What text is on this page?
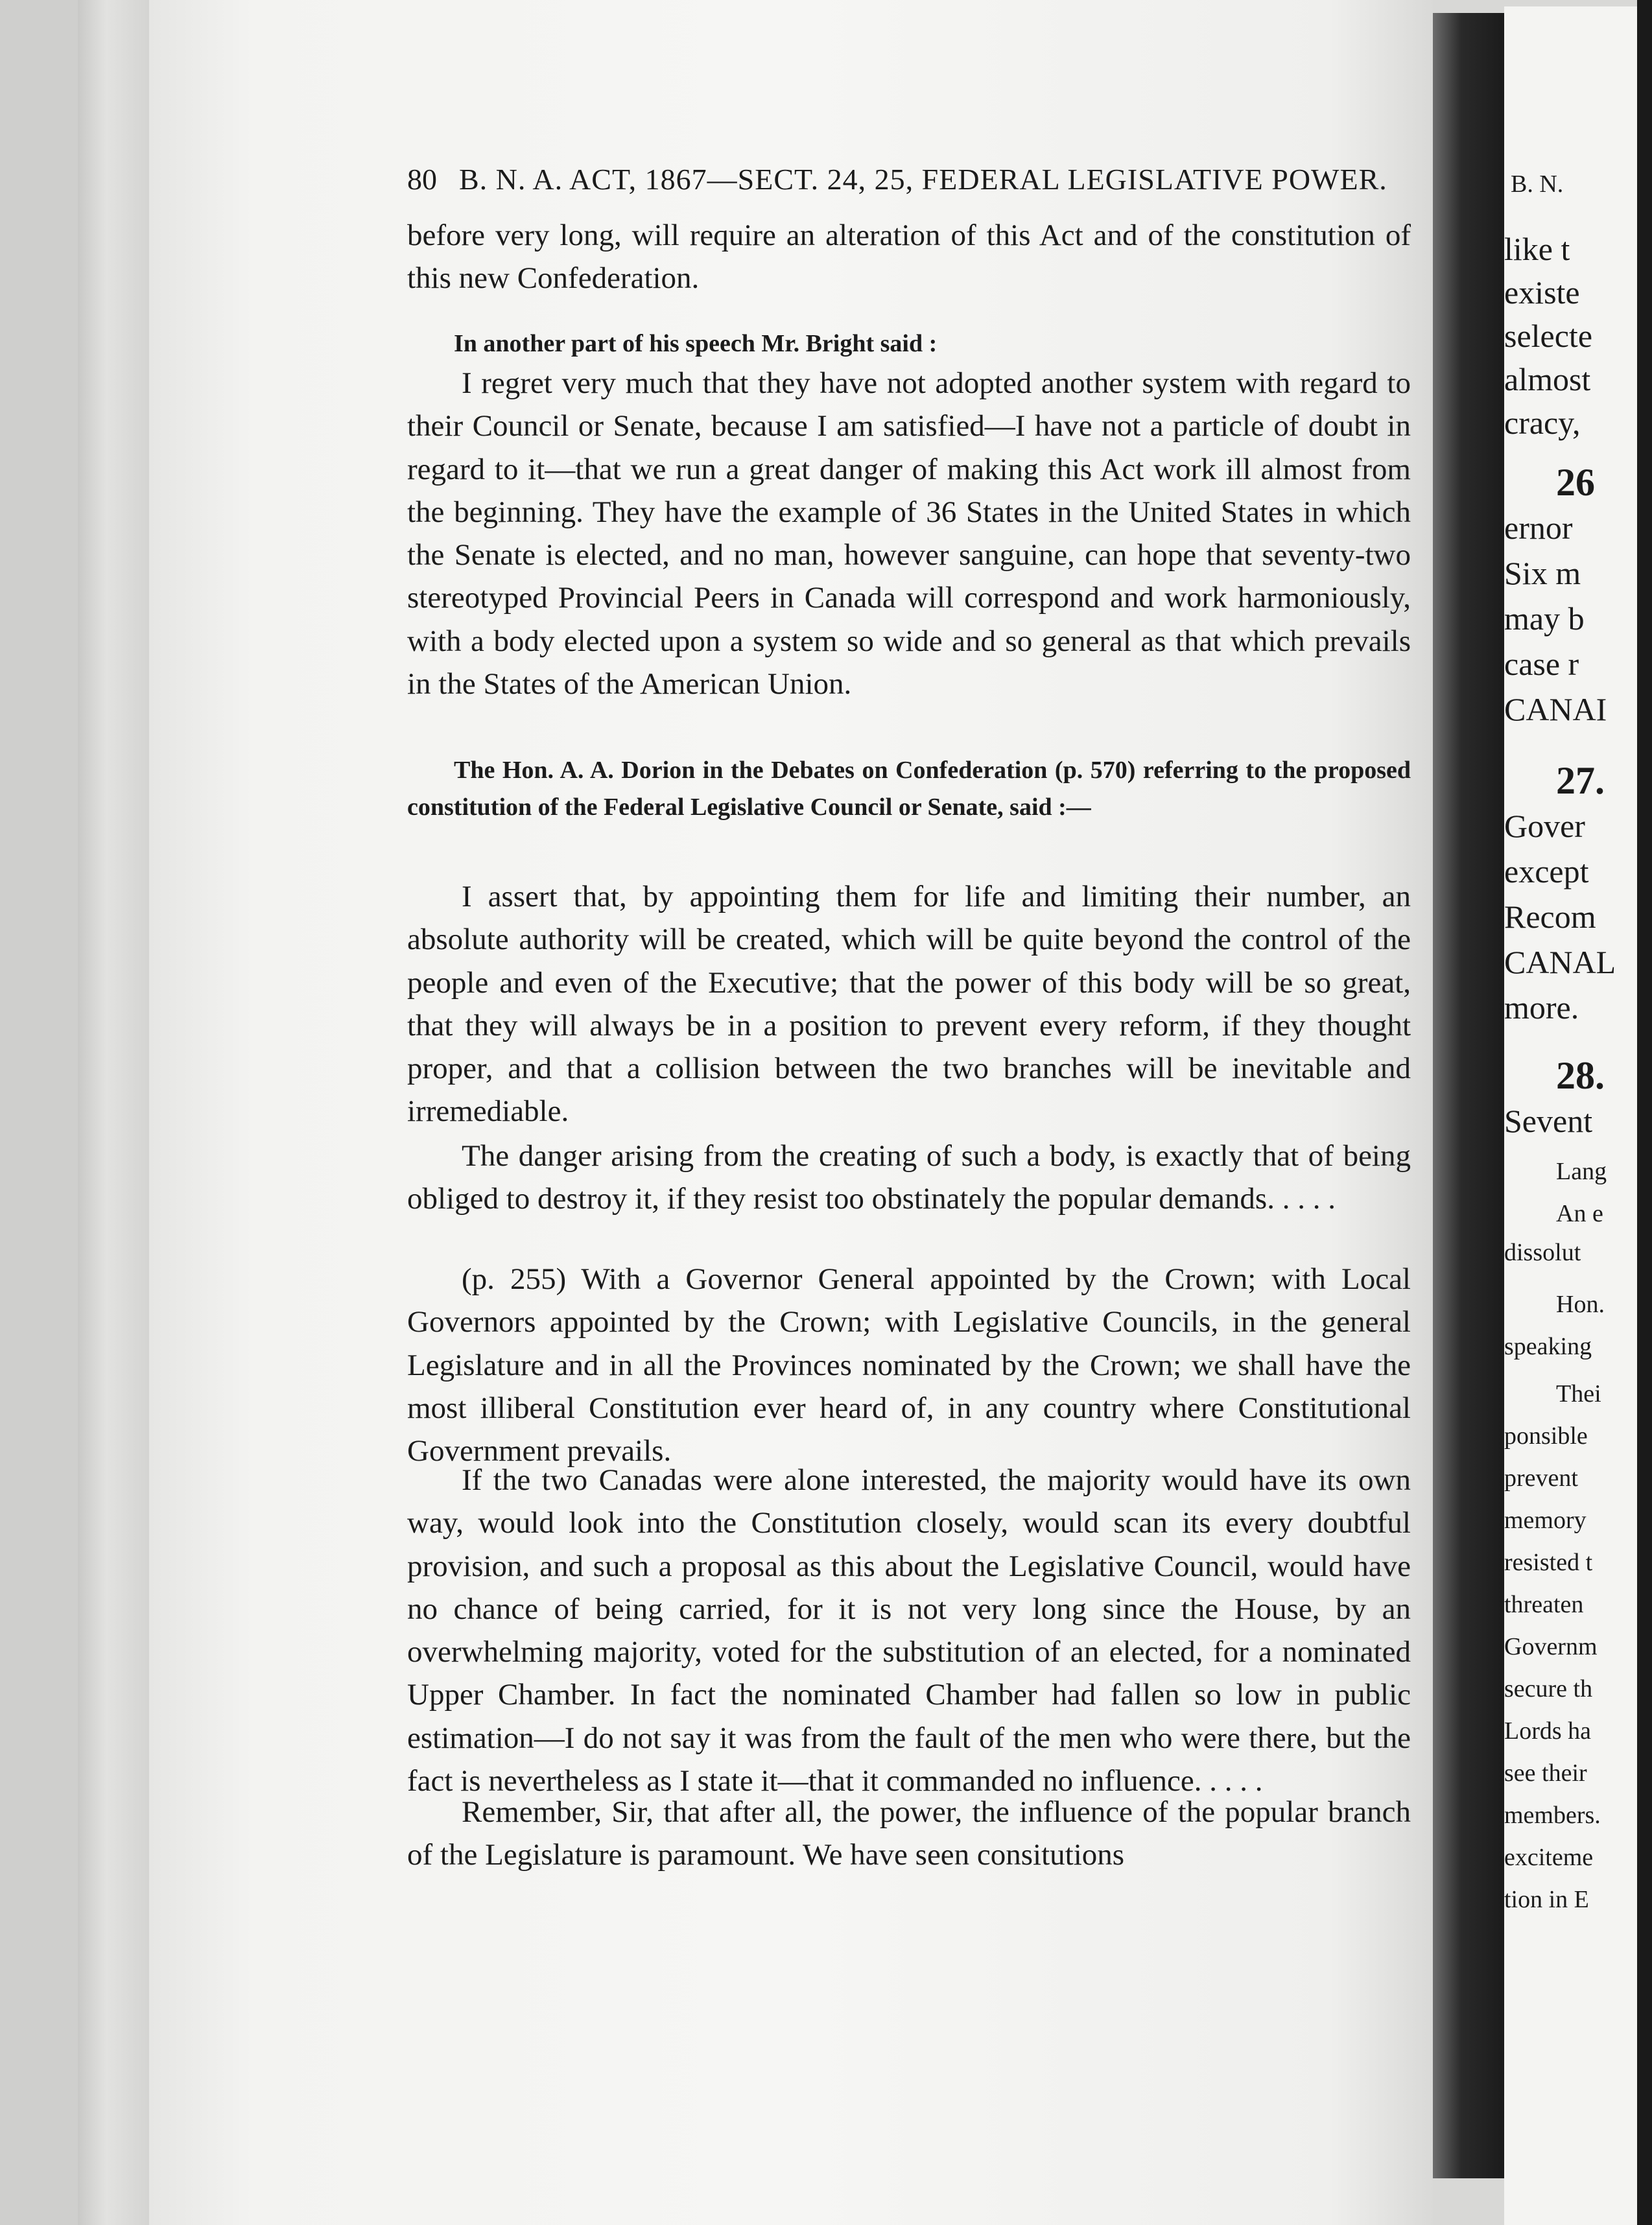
80 B. N. A. ACT, 1867—SECT. 24, 25, FEDERAL LEGISLATIVE POWER.

before very long, will require an alteration of this Act and of the constitution of this new Confederation.

In another part of his speech Mr. Bright said :

I regret very much that they have not adopted another system with regard to their Council or Senate, because I am satisfied—I have not a particle of doubt in regard to it—that we run a great danger of making this Act work ill almost from the beginning. They have the example of 36 States in the United States in which the Senate is elected, and no man, however sanguine, can hope that seventy-two stereotyped Provincial Peers in Canada will correspond and work harmoniously, with a body elected upon a system so wide and so general as that which prevails in the States of the American Union.

The Hon. A. A. Dorion in the Debates on Confederation (p. 570) referring to the proposed constitution of the Federal Legislative Council or Senate, said :—

I assert that, by appointing them for life and limiting their number, an absolute authority will be created, which will be quite beyond the control of the people and even of the Executive; that the power of this body will be so great, that they will always be in a position to prevent every reform, if they thought proper, and that a collision between the two branches will be inevitable and irremediable.

The danger arising from the creating of such a body, is exactly that of being obliged to destroy it, if they resist too obstinately the popular demands. . . . .

(p. 255) With a Governor General appointed by the Crown; with Local Governors appointed by the Crown; with Legislative Councils, in the general Legislature and in all the Provinces nominated by the Crown; we shall have the most illiberal Constitution ever heard of, in any country where Constitutional Government prevails.

If the two Canadas were alone interested, the majority would have its own way, would look into the Constitution closely, would scan its every doubtful provision, and such a proposal as this about the Legislative Council, would have no chance of being carried, for it is not very long since the House, by an overwhelming majority, voted for the substitution of an elected, for a nominated Upper Chamber. In fact the nominated Chamber had fallen so low in public estimation—I do not say it was from the fault of the men who were there, but the fact is nevertheless as I state it—that it commanded no influence. . . . .

Remember, Sir, that after all, the power, the influence of the popular branch of the Legislature is paramount. We have seen consitutions

B. N.
like t
existe
selecte
almost
cracy,
26
ernor
Six m
may b
case r
CANAI
27.
Gover
except
Recom
CANAL
more.
28.
Sevent
Lang
An e
dissolut
Hon.
speaking
Thei
ponsible
prevent
memory
resisted t
threaten
Governm
secure th
Lords ha
see their
members.
exciteme
tion in E
